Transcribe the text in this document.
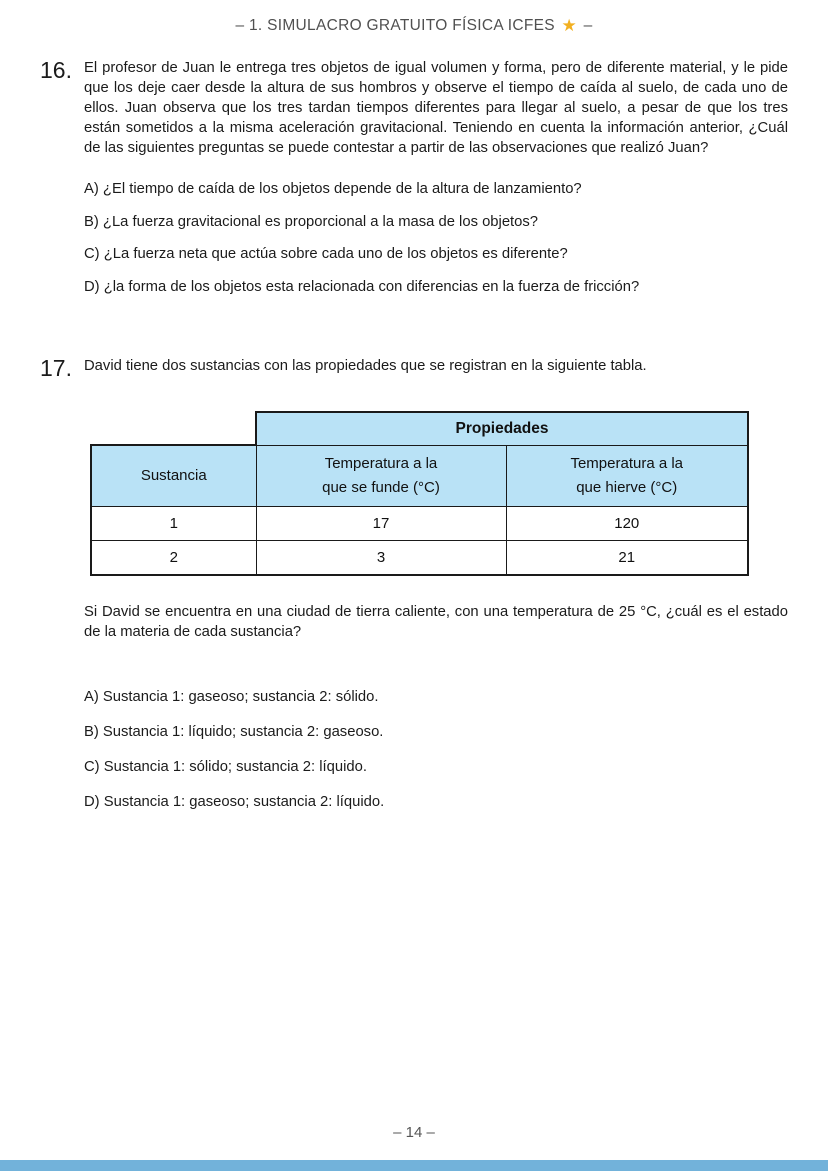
– 1. SIMULACRO GRATUITO FÍSICA ICFES ★ –
16. El profesor de Juan le entrega tres objetos de igual volumen y forma, pero de diferente material, y le pide que los deje caer desde la altura de sus hombros y observe el tiempo de caída al suelo, de cada uno de ellos. Juan observa que los tres tardan tiempos diferentes para llegar al suelo, a pesar de que los tres están sometidos a la misma aceleración gravitacional. Teniendo en cuenta la información anterior, ¿Cuál de las siguientes preguntas se puede contestar a partir de las observaciones que realizó Juan?
A) ¿El tiempo de caída de los objetos depende de la altura de lanzamiento?
B) ¿La fuerza gravitacional es proporcional a la masa de los objetos?
C) ¿La fuerza neta que actúa sobre cada uno de los objetos es diferente?
D) ¿la forma de los objetos esta relacionada con diferencias en la fuerza de fricción?
17. David tiene dos sustancias con las propiedades que se registran en la siguiente tabla.
	Propiedades	
Sustancia	Temperatura a la que se funde (°C)	Temperatura a la que hierve (°C)
1	17	120
2	3	21
Si David se encuentra en una ciudad de tierra caliente, con una temperatura de 25 °C, ¿cuál es el estado de la materia de cada sustancia?
A) Sustancia 1: gaseoso; sustancia 2: sólido.
B) Sustancia 1: líquido; sustancia 2: gaseoso.
C) Sustancia 1: sólido; sustancia 2: líquido.
D) Sustancia 1: gaseoso; sustancia 2: líquido.
– 14 –
